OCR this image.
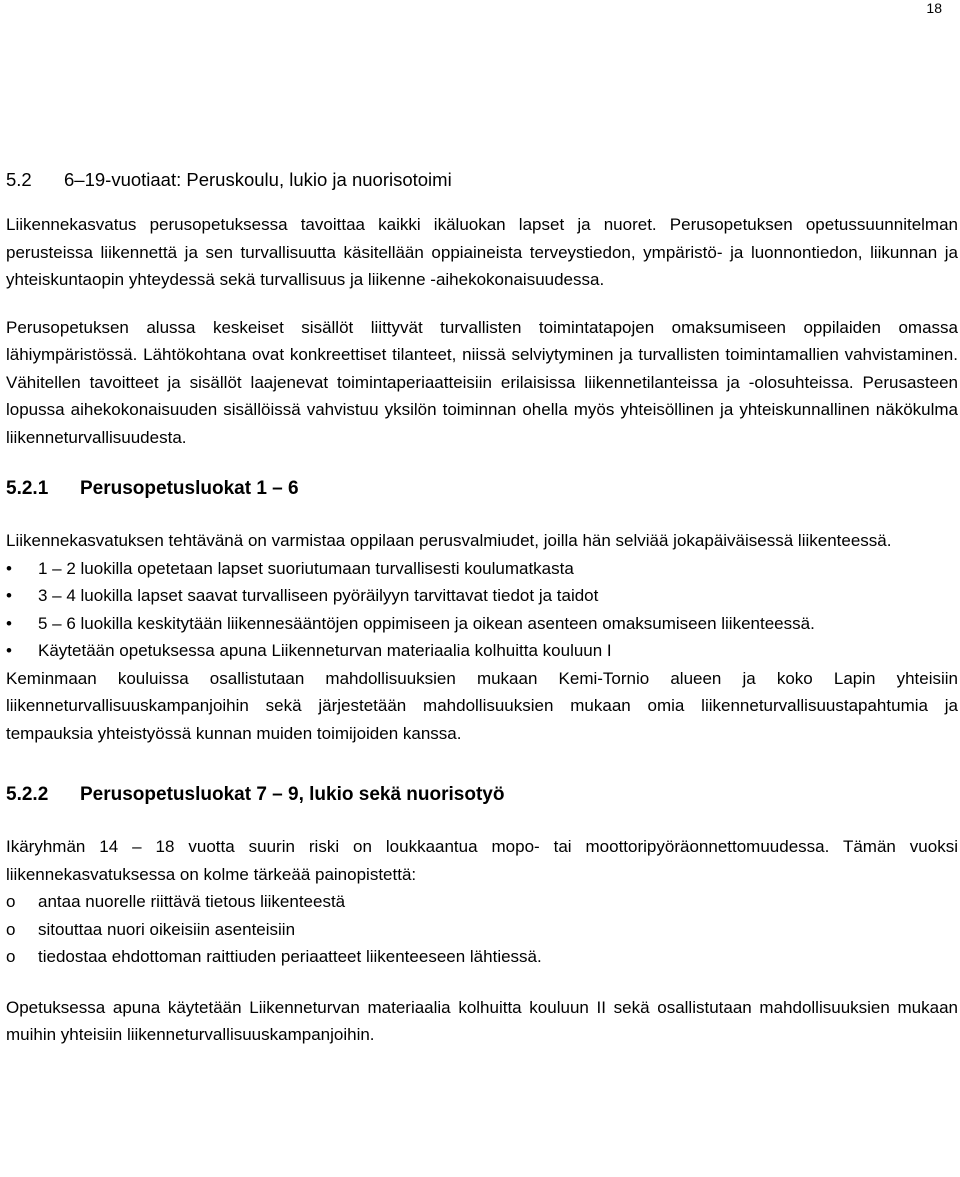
18
5.2 6–19-vuotiaat: Peruskoulu, lukio ja nuorisotoimi

Liikennekasvatus perusopetuksessa tavoittaa kaikki ikäluokan lapset ja nuoret. Perusopetuksen opetussuunnitelman perusteissa liikennettä ja sen turvallisuutta käsitellään oppiaineista terveystiedon, ympäristö- ja luonnontiedon, liikunnan ja yhteiskuntaopin yhteydessä sekä turvallisuus ja liikenne -aihekokonaisuudessa.

Perusopetuksen alussa keskeiset sisällöt liittyvät turvallisten toimintatapojen omaksumiseen oppilaiden omassa lähiympäristössä. Lähtökohtana ovat konkreettiset tilanteet, niissä selviytyminen ja turvallisten toimintamallien vahvistaminen. Vähitellen tavoitteet ja sisällöt laajenevat toimintaperiaatteisiin erilaisissa liikennetilanteissa ja -olosuhteissa. Perusasteen lopussa aihekokonaisuuden sisällöissä vahvistuu yksilön toiminnan ohella myös yhteisöllinen ja yhteiskunnallinen näkökulma liikenneturvallisuudesta.

5.2.1 Perusopetusluokat 1 – 6

Liikennekasvatuksen tehtävänä on varmistaa oppilaan perusvalmiudet, joilla hän selviää jokapäiväisessä liikenteessä.

•	1 – 2 luokilla opetetaan lapset suoriutumaan turvallisesti koulumatkasta
•	3 – 4 luokilla lapset saavat turvalliseen pyöräilyyn tarvittavat tiedot ja taidot
•	5 – 6 luokilla keskitytään liikennesääntöjen oppimiseen ja oikean asenteen omaksumiseen liikenteessä.
•	Käytetään opetuksessa apuna Liikenneturvan materiaalia kolhuitta kouluun I

Keminmaan kouluissa osallistutaan mahdollisuuksien mukaan Kemi-Tornio alueen ja koko Lapin yhteisiin liikenneturvallisuuskampanjoihin sekä järjestetään mahdollisuuksien mukaan omia liikenneturvallisuustapahtumia ja tempauksia yhteistyössä kunnan muiden toimijoiden kanssa.

5.2.2 Perusopetusluokat 7 – 9, lukio sekä nuorisotyö

Ikäryhmän 14 – 18 vuotta suurin riski on loukkaantua mopo- tai moottoripyöräonnettomuudessa. Tämän vuoksi liikennekasvatuksessa on kolme tärkeää painopistettä:

o	antaa nuorelle riittävä tietous liikenteestä
o	sitouttaa nuori oikeisiin asenteisiin
o	tiedostaa ehdottoman raittiuden periaatteet liikenteeseen lähtiessä.

Opetuksessa apuna käytetään Liikenneturvan materiaalia kolhuitta kouluun II sekä osallistutaan mahdollisuuksien mukaan muihin yhteisiin liikenneturvallisuuskampanjoihin.
